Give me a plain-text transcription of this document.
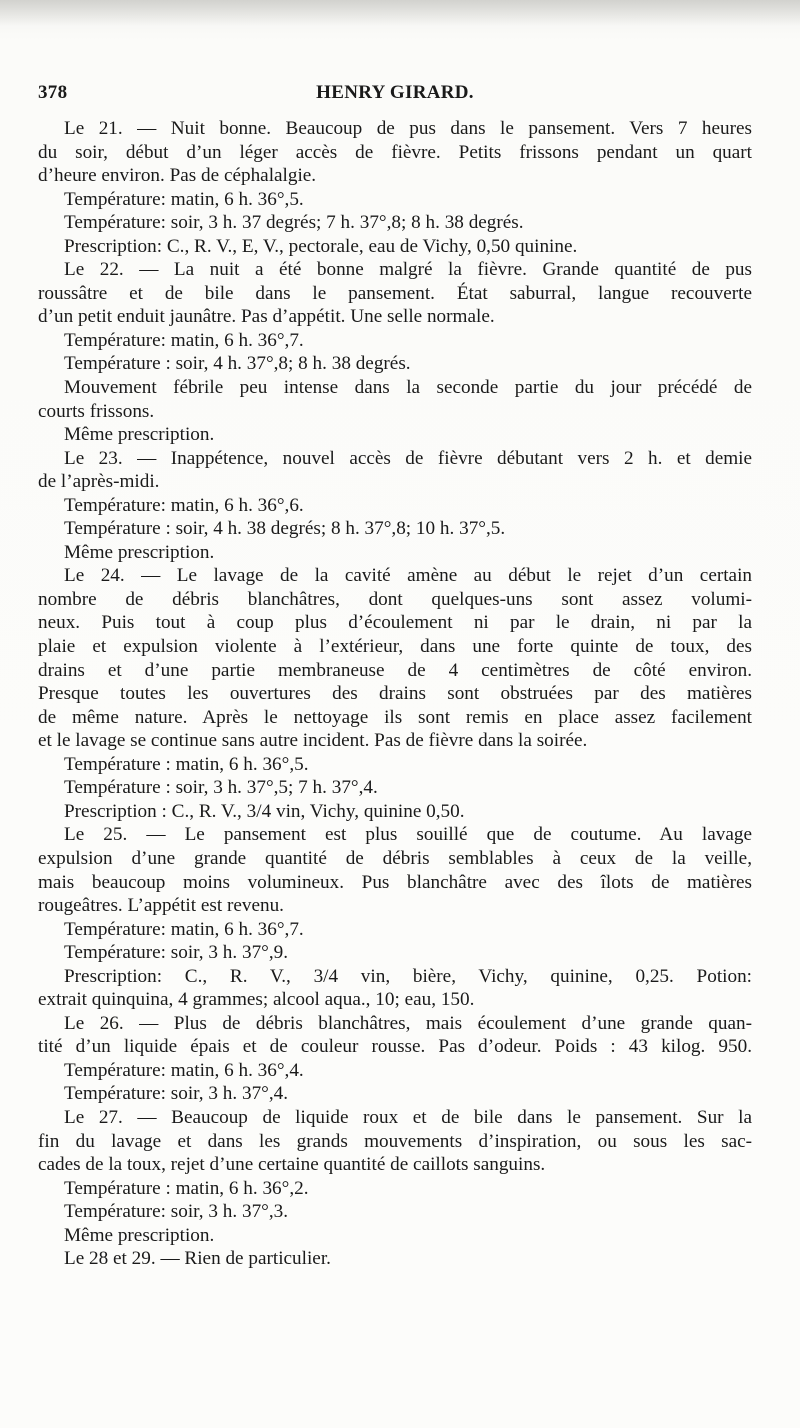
378	HENRY GIRARD.
Le 21. — Nuit bonne. Beaucoup de pus dans le pansement. Vers 7 heures
du soir, début d’un léger accès de fièvre. Petits frissons pendant un quart
d’heure environ. Pas de céphalalgie.
Température: matin, 6 h. 36°,5.
Température: soir, 3 h. 37 degrés; 7 h. 37°,8; 8 h. 38 degrés.
Prescription: C., R. V., E, V., pectorale, eau de Vichy, 0,50 quinine.
Le 22. — La nuit a été bonne malgré la fièvre. Grande quantité de pus
roussâtre et de bile dans le pansement. État saburral, langue recouverte
d’un petit enduit jaunâtre. Pas d’appétit. Une selle normale.
Température: matin, 6 h. 36°,7.
Température : soir, 4 h. 37°,8; 8 h. 38 degrés.
Mouvement fébrile peu intense dans la seconde partie du jour précédé de
courts frissons.
Même prescription.
Le 23. — Inappétence, nouvel accès de fièvre débutant vers 2 h. et demie
de l’après-midi.
Température: matin, 6 h. 36°,6.
Température : soir, 4 h. 38 degrés; 8 h. 37°,8; 10 h. 37°,5.
Même prescription.
Le 24. — Le lavage de la cavité amène au début le rejet d’un certain
nombre de débris blanchâtres, dont quelques-uns sont assez volumi-
neux. Puis tout à coup plus d’écoulement ni par le drain, ni par la
plaie et expulsion violente à l’extérieur, dans une forte quinte de toux, des
drains et d’une partie membraneuse de 4 centimètres de côté environ.
Presque toutes les ouvertures des drains sont obstruées par des matières
de même nature. Après le nettoyage ils sont remis en place assez facilement
et le lavage se continue sans autre incident. Pas de fièvre dans la soirée.
Température : matin, 6 h. 36°,5.
Température : soir, 3 h. 37°,5; 7 h. 37°,4.
Prescription : C., R. V., 3/4 vin, Vichy, quinine 0,50.
Le 25. — Le pansement est plus souillé que de coutume. Au lavage
expulsion d’une grande quantité de débris semblables à ceux de la veille,
mais beaucoup moins volumineux. Pus blanchâtre avec des îlots de matières
rougeâtres. L’appétit est revenu.
Température: matin, 6 h. 36°,7.
Température: soir, 3 h. 37°,9.
Prescription: C., R. V., 3/4 vin, bière, Vichy, quinine, 0,25. Potion:
extrait quinquina, 4 grammes; alcool aqua., 10; eau, 150.
Le 26. — Plus de débris blanchâtres, mais écoulement d’une grande quan-
tité d’un liquide épais et de couleur rousse. Pas d’odeur. Poids : 43 kilog. 950.
Température: matin, 6 h. 36°,4.
Température: soir, 3 h. 37°,4.
Le 27. — Beaucoup de liquide roux et de bile dans le pansement. Sur la
fin du lavage et dans les grands mouvements d’inspiration, ou sous les sac-
cades de la toux, rejet d’une certaine quantité de caillots sanguins.
Température : matin, 6 h. 36°,2.
Température: soir, 3 h. 37°,3.
Même prescription.
Le 28 et 29. — Rien de particulier.
